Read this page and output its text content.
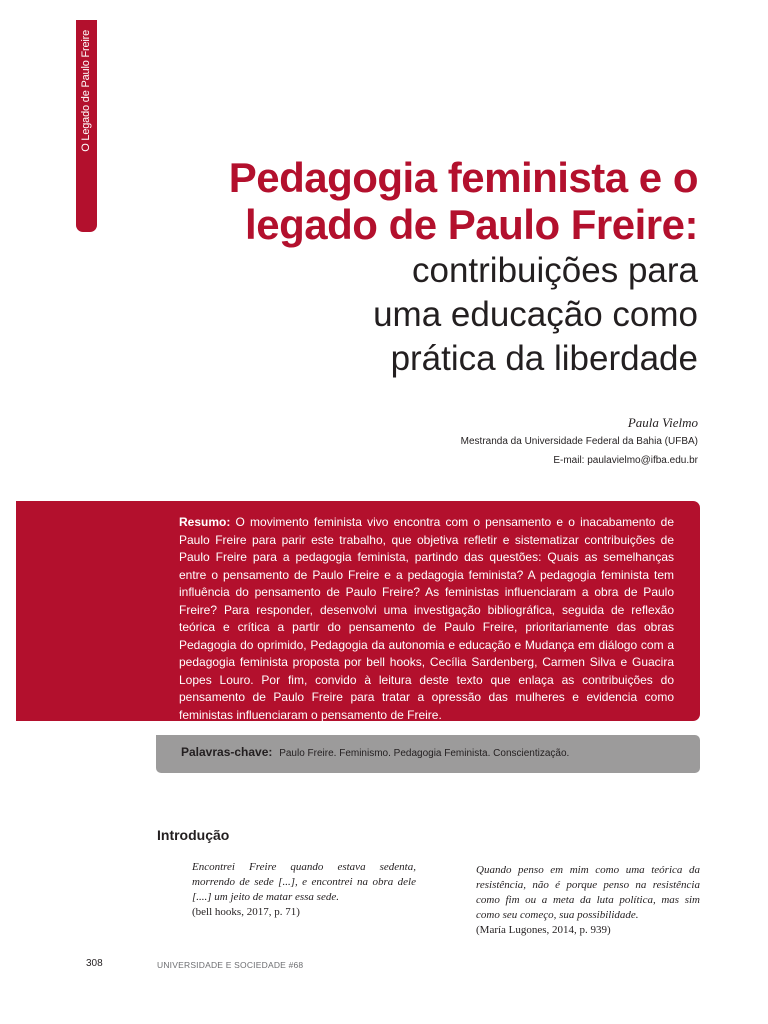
O Legado de Paulo Freire
Pedagogia feminista e o
legado de Paulo Freire:
contribuições para
uma educação como
prática da liberdade
Paula Vielmo
Mestranda da Universidade Federal da Bahia (UFBA)
E-mail: paulavielmo@ifba.edu.br
Resumo: O movimento feminista vivo encontra com o pensamento e o inacabamento de Paulo Freire para parir este trabalho, que objetiva refletir e sistematizar contribuições de Paulo Freire para a pedagogia feminista, partindo das questões: Quais as semelhanças entre o pensamento de Paulo Freire e a pedagogia feminista? A pedagogia feminista tem influência do pensamento de Paulo Freire? As feministas influenciaram a obra de Paulo Freire? Para responder, desenvolvi uma investigação bibliográfica, seguida de reflexão teórica e crítica a partir do pensamento de Paulo Freire, prioritariamente das obras Pedagogia do oprimido, Pedagogia da autonomia e educação e Mudança em diálogo com a pedagogia feminista proposta por bell hooks, Cecília Sardenberg, Carmen Silva e Guacira Lopes Louro. Por fim, convido à leitura deste texto que enlaça as contribuições do pensamento de Paulo Freire para tratar a opressão das mulheres e evidencia como feministas influenciaram o pensamento de Freire.
Palavras-chave: Paulo Freire. Feminismo. Pedagogia Feminista. Conscientização.
Introdução
Encontrei Freire quando estava sedenta, morrendo de sede [...], e encontrei na obra dele [....] um jeito de matar essa sede.
(bell hooks, 2017, p. 71)
Quando penso em mim como uma teórica da resistência, não é porque penso na resistência como fim ou a meta da luta política, mas sim como seu começo, sua possibilidade.
(María Lugones, 2014, p. 939)
308	UNIVERSIDADE E SOCIEDADE #68
